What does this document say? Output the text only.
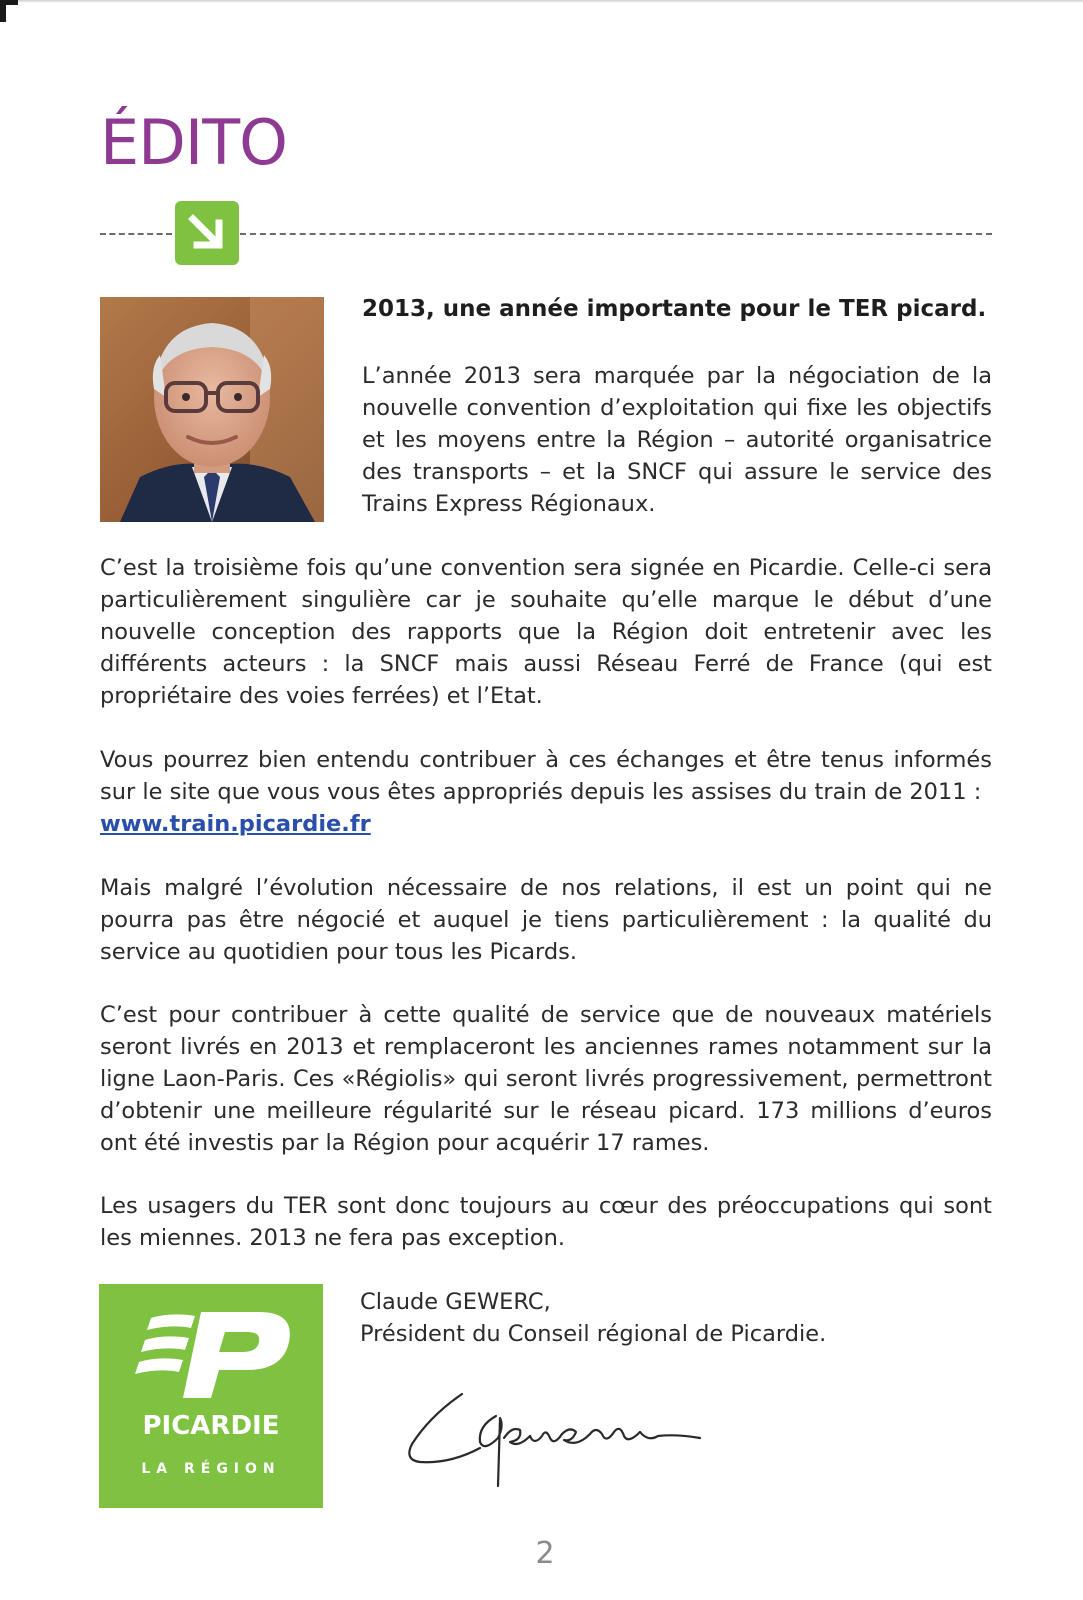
ÉDITO

2013, une année importante pour le TER picard.

L’année 2013 sera marquée par la négociation de la nouvelle convention d’exploitation qui fixe les objectifs et les moyens entre la Région – autorité organisatrice des transports – et la SNCF qui assure le service des Trains Express Régionaux.

C’est la troisième fois qu’une convention sera signée en Picardie. Celle-ci sera particulièrement singulière car je souhaite qu’elle marque le début d’une nouvelle conception des rapports que la Région doit entretenir avec les différents acteurs : la SNCF mais aussi Réseau Ferré de France (qui est propriétaire des voies ferrées) et l’Etat.

Vous pourrez bien entendu contribuer à ces échanges et être tenus informés sur le site que vous vous êtes appropriés depuis les assises du train de 2011 :
www.train.picardie.fr

Mais malgré l’évolution nécessaire de nos relations, il est un point qui ne pourra pas être négocié et auquel je tiens particulièrement : la qualité du service au quotidien pour tous les Picards.

C’est pour contribuer à cette qualité de service que de nouveaux matériels seront livrés en 2013 et remplaceront les anciennes rames notamment sur la ligne Laon-Paris. Ces «Régiolis» qui seront livrés progressivement, permettront d’obtenir une meilleure régularité sur le réseau picard. 173 millions d’euros ont été investis par la Région pour acquérir 17 rames.

Les usagers du TER sont donc toujours au cœur des préoccupations qui sont les miennes. 2013 ne fera pas exception.

PICARDIE
LA RÉGION

Claude GEWERC,

Président du Conseil régional de Picardie.

2
